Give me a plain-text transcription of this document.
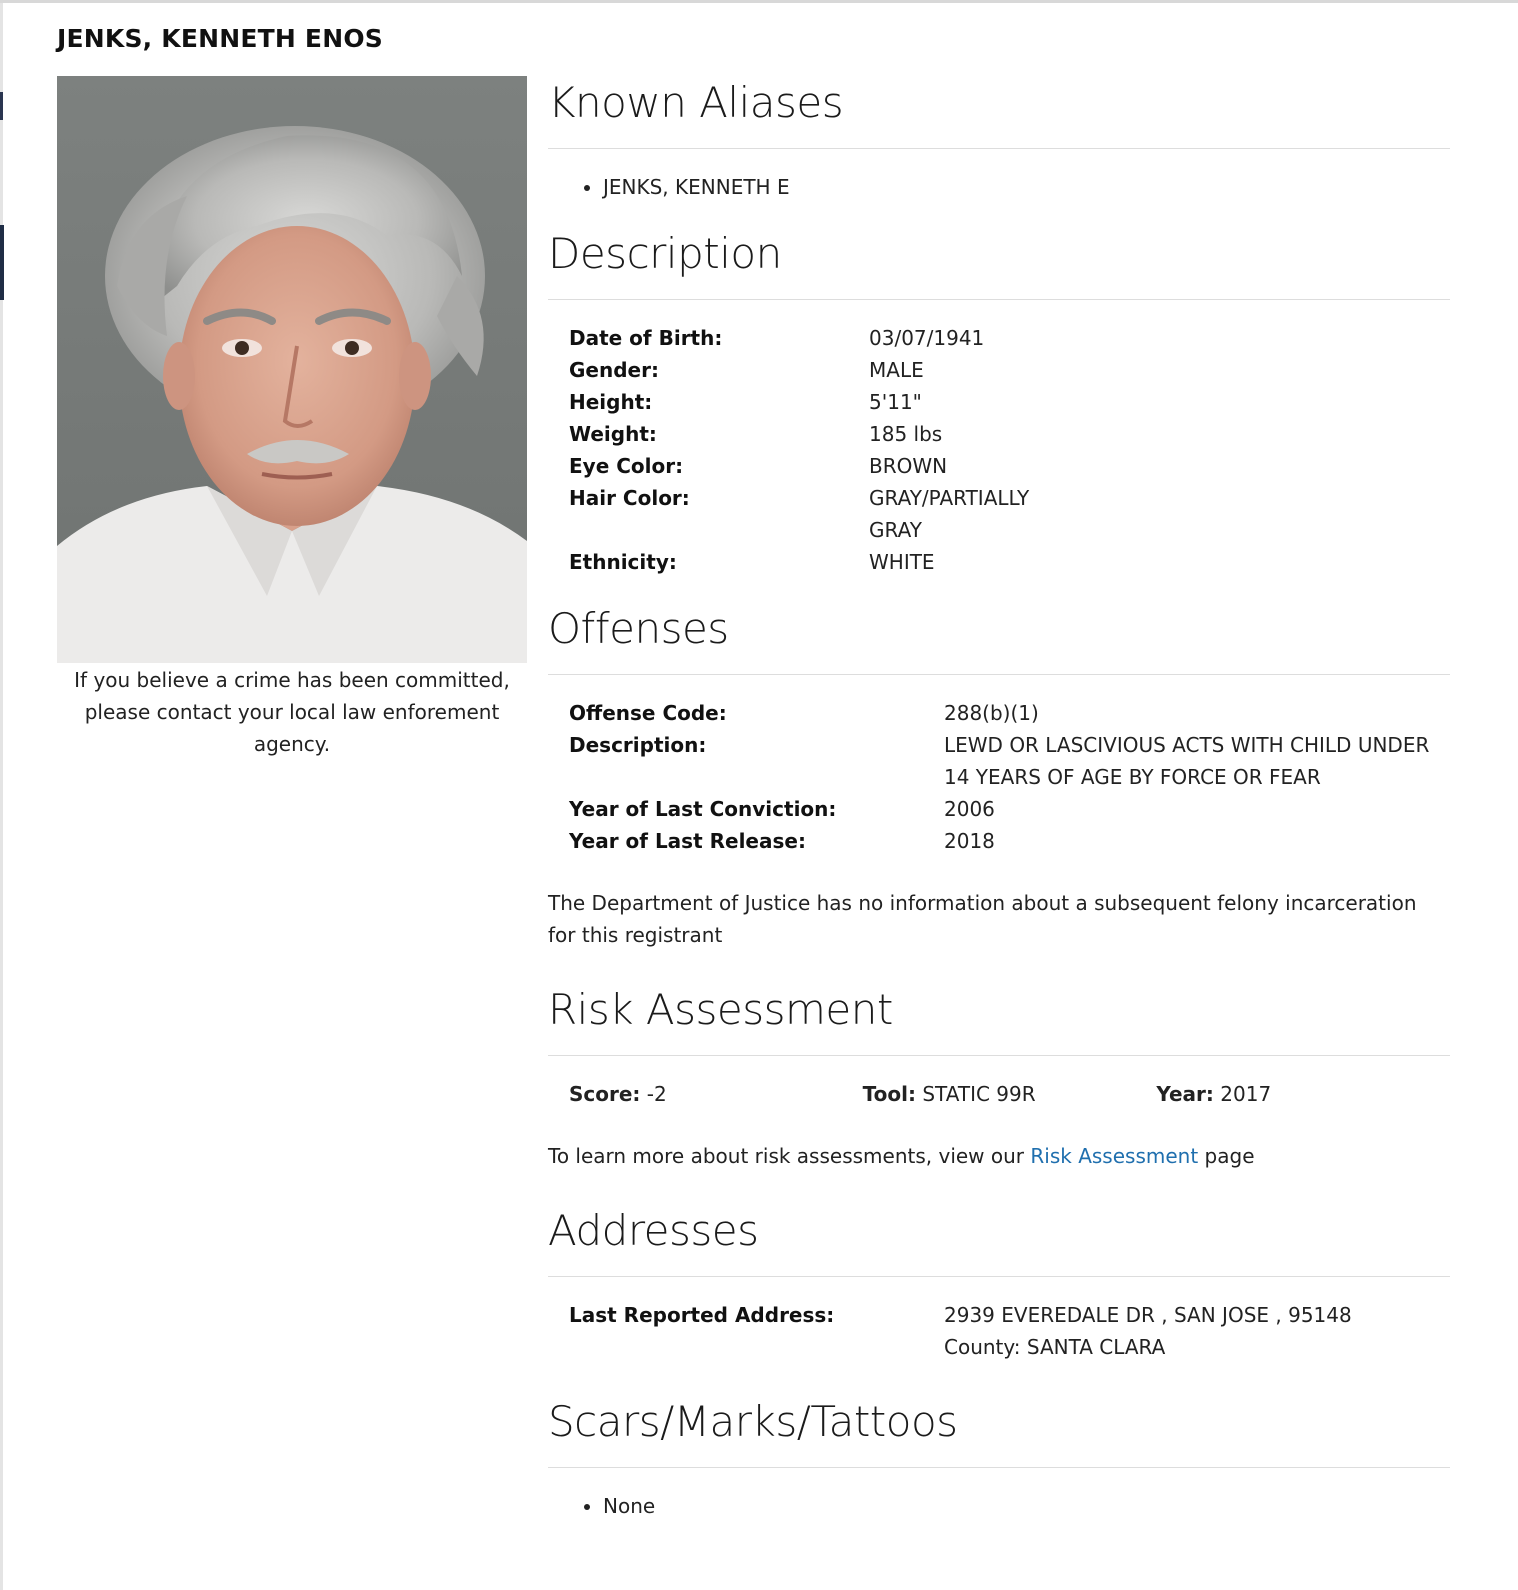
JENKS, KENNETH ENOS
If you believe a crime has been committed, please contact your local law enforement agency.
Known Aliases
• JENKS, KENNETH E
Description
Date of Birth:	03/07/1941
Gender:	MALE
Height:	5'11"
Weight:	185 lbs
Eye Color:	BROWN
Hair Color:	GRAY/PARTIALLY GRAY
Ethnicity:	WHITE
Offenses
Offense Code:	288(b)(1)
Description:	LEWD OR LASCIVIOUS ACTS WITH CHILD UNDER 14 YEARS OF AGE BY FORCE OR FEAR
Year of Last Conviction:	2006
Year of Last Release:	2018

The Department of Justice has no information about a subsequent felony incarceration for this registrant

Risk Assessment
Score: -2	Tool: STATIC 99R	Year: 2017

To learn more about risk assessments, view our Risk Assessment page

Addresses
Last Reported Address:	2939 EVEREDALE DR , SAN JOSE , 95148
County: SANTA CLARA
Scars/Marks/Tattoos
• None
